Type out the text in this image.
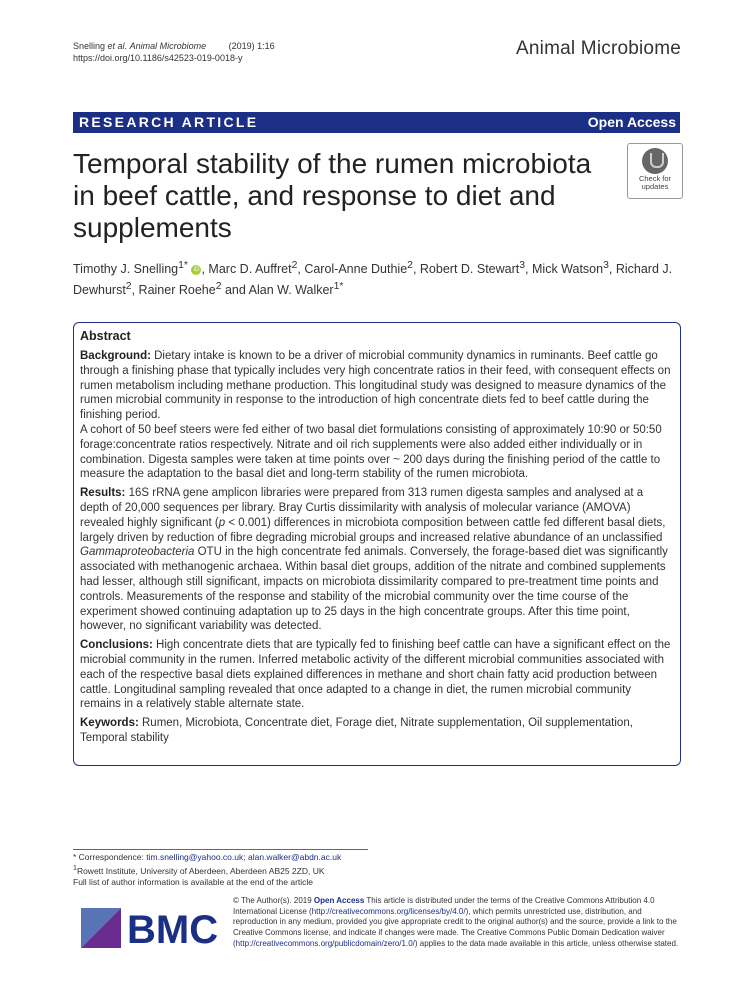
Snelling et al. Animal Microbiome	(2019) 1:16
https://doi.org/10.1186/s42523-019-0018-y	Animal Microbiome
RESEARCH ARTICLE	Open Access
Temporal stability of the rumen microbiota in beef cattle, and response to diet and supplements
Check for
updates
Timothy J. Snelling$^{1*}$ iD , Marc D. Auffret$^2$, Carol-Anne Duthie$^2$, Robert D. Stewart$^3$, Mick Watson$^3$, Richard J. Dewhurst$^2$, Rainer Roehe$^2$ and Alan W. Walker$^{1*}$
Abstract

Background: Dietary intake is known to be a driver of microbial community dynamics in ruminants. Beef cattle go through a finishing phase that typically includes very high concentrate ratios in their feed, with consequent effects on rumen metabolism including methane production. This longitudinal study was designed to measure dynamics of the rumen microbial community in response to the introduction of high concentrate diets fed to beef cattle during the finishing period.

A cohort of 50 beef steers were fed either of two basal diet formulations consisting of approximately 10:90 or 50:50 forage:concentrate ratios respectively. Nitrate and oil rich supplements were also added either individually or in combination. Digesta samples were taken at time points over ~ 200 days during the finishing period of the cattle to measure the adaptation to the basal diet and long-term stability of the rumen microbiota.

Results: 16S rRNA gene amplicon libraries were prepared from 313 rumen digesta samples and analysed at a depth of 20,000 sequences per library. Bray Curtis dissimilarity with analysis of molecular variance (AMOVA) revealed highly significant (p < 0.001) differences in microbiota composition between cattle fed different basal diets, largely driven by reduction of fibre degrading microbial groups and increased relative abundance of an unclassified Gammaproteobacteria OTU in the high concentrate fed animals. Conversely, the forage-based diet was significantly associated with methanogenic archaea. Within basal diet groups, addition of the nitrate and combined supplements had lesser, although still significant, impacts on microbiota dissimilarity compared to pre-treatment time points and controls. Measurements of the response and stability of the microbial community over the time course of the experiment showed continuing adaptation up to 25 days in the high concentrate groups. After this time point, however, no significant variability was detected.

Conclusions: High concentrate diets that are typically fed to finishing beef cattle can have a significant effect on the microbial community in the rumen. Inferred metabolic activity of the different microbial communities associated with each of the respective basal diets explained differences in methane and short chain fatty acid production between cattle. Longitudinal sampling revealed that once adapted to a change in diet, the rumen microbial community remains in a relatively stable alternate state.

Keywords: Rumen, Microbiota, Concentrate diet, Forage diet, Nitrate supplementation, Oil supplementation, Temporal stability

* Correspondence: tim.snelling@yahoo.co.uk; alan.walker@abdn.ac.uk
$^1$Rowett Institute, University of Aberdeen, Aberdeen AB25 2ZD, UK
Full list of author information is available at the end of the article
BMC
© The Author(s). 2019 Open Access This article is distributed under the terms of the Creative Commons Attribution 4.0 International License (http://creativecommons.org/licenses/by/4.0/), which permits unrestricted use, distribution, and reproduction in any medium, provided you give appropriate credit to the original author(s) and the source, provide a link to the Creative Commons license, and indicate if changes were made. The Creative Commons Public Domain Dedication waiver (http://creativecommons.org/publicdomain/zero/1.0/) applies to the data made available in this article, unless otherwise stated.
